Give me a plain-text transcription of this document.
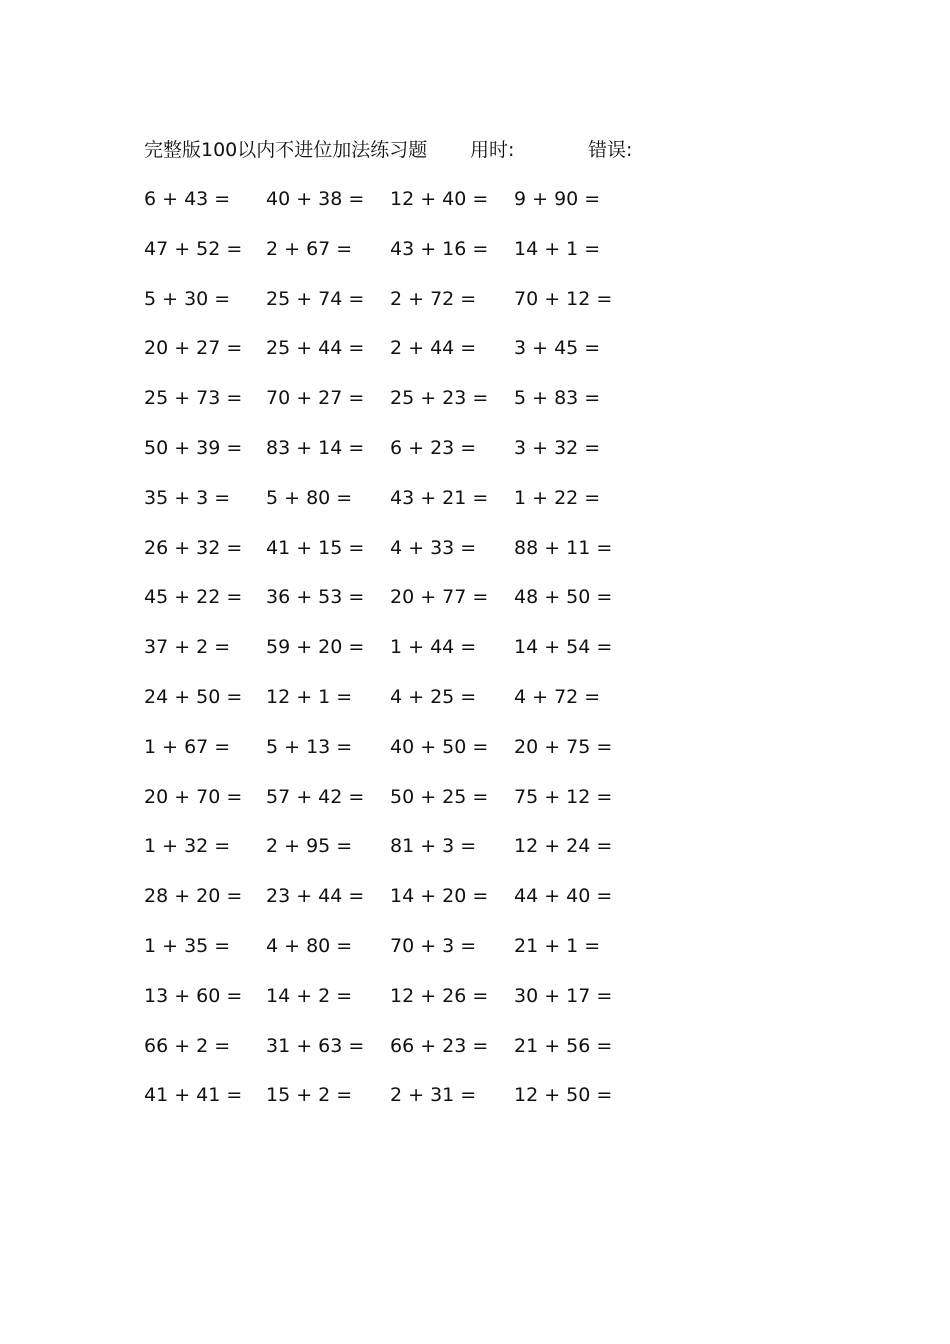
完整版100以内不进位加法练习题 用时:	错误:
6 + 43 = 40 + 38 = 12 + 40 = 9 + 90 =
47 + 52 = 2 + 67 = 43 + 16 = 14 + 1 =
5 + 30 = 25 + 74 = 2 + 72 = 70 + 12 =
20 + 27 = 25 + 44 = 2 + 44 = 3 + 45 =
25 + 73 = 70 + 27 = 25 + 23 = 5 + 83 =
50 + 39 = 83 + 14 = 6 + 23 = 3 + 32 =
35 + 3 = 5 + 80 = 43 + 21 = 1 + 22 =
26 + 32 = 41 + 15 = 4 + 33 = 88 + 11 =
45 + 22 = 36 + 53 = 20 + 77 = 48 + 50 =
37 + 2 = 59 + 20 = 1 + 44 = 14 + 54 =
24 + 50 = 12 + 1 = 4 + 25 = 4 + 72 =
1 + 67 = 5 + 13 = 40 + 50 = 20 + 75 =
20 + 70 = 57 + 42 = 50 + 25 = 75 + 12 =
1 + 32 = 2 + 95 = 81 + 3 = 12 + 24 =
28 + 20 = 23 + 44 = 14 + 20 = 44 + 40 =
1 + 35 = 4 + 80 = 70 + 3 = 21 + 1 =
13 + 60 = 14 + 2 = 12 + 26 = 30 + 17 =
66 + 2 = 31 + 63 = 66 + 23 = 21 + 56 =
41 + 41 = 15 + 2 = 2 + 31 = 12 + 50 =
